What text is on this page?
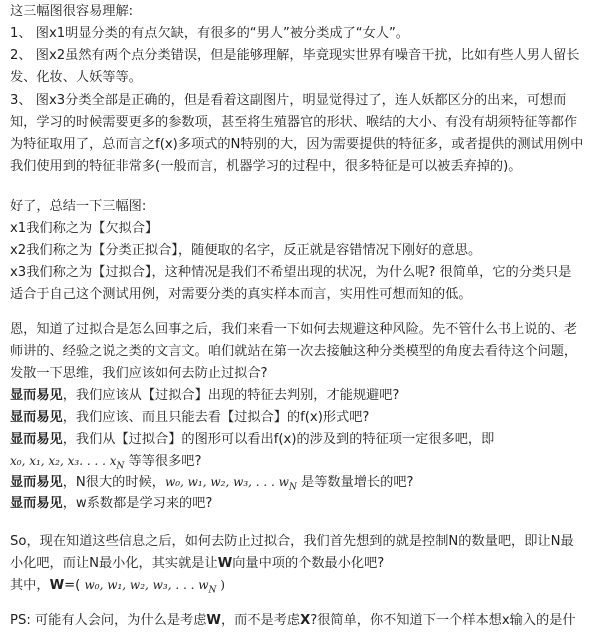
这三幅图很容易理解:
1、 图x1明显分类的有点欠缺，有很多的“男人”被分类成了“女人”。
2、 图x2虽然有两个点分类错误，但是能够理解，毕竟现实世界有噪音干扰，比如有些人男人留长
发、化妆、人妖等等。
3、 图x3分类全部是正确的，但是看着这副图片，明显觉得过了，连人妖都区分的出来，可想而
知，学习的时候需要更多的参数项，甚至将生殖器官的形状、喉结的大小、有没有胡须特征等都作
为特征取用了，总而言之f(x)多项式的N特别的大，因为需要提供的特征多，或者提供的测试用例中
我们使用到的特征非常多(一般而言，机器学习的过程中，很多特征是可以被丢弃掉的)。
好了，总结一下三幅图:
x1我们称之为【欠拟合】
x2我们称之为【分类正拟合】，随便取的名字，反正就是容错情况下刚好的意思。
x3我们称之为【过拟合】，这种情况是我们不希望出现的状况，为什么呢? 很简单，它的分类只是
适合于自己这个测试用例，对需要分类的真实样本而言，实用性可想而知的低。
恩，知道了过拟合是怎么回事之后，我们来看一下如何去规避这种风险。先不管什么书上说的、老
师讲的、经验之说之类的文言文。咱们就站在第一次去接触这种分类模型的角度去看待这个问题，
发散一下思维，我们应该如何去防止过拟合?
显而易见，我们应该从【过拟合】出现的特征去判别，才能规避吧?
显而易见，我们应该、而且只能去看【过拟合】的f(x)形式吧?
显而易见，我们从【过拟合】的图形可以看出f(x)的涉及到的特征项一定很多吧，即
x₀, x₁, x₂, x₃. . . . $x_N$ 等等很多吧?
显而易见，N很大的时候，w₀, w₁, w₂, w₃, . . . $w_N$ 是等数量增长的吧?
显而易见，w系数都是学习来的吧?
So，现在知道这些信息之后，如何去防止过拟合，我们首先想到的就是控制N的数量吧，即让N最
小化吧，而让N最小化，其实就是让W向量中项的个数最小化吧?
其中，W=( w₀, w₁, w₂, w₃, . . . $w_N$ )
PS: 可能有人会问，为什么是考虑W，而不是考虑X?很简单，你不知道下一个样本想x输入的是什
